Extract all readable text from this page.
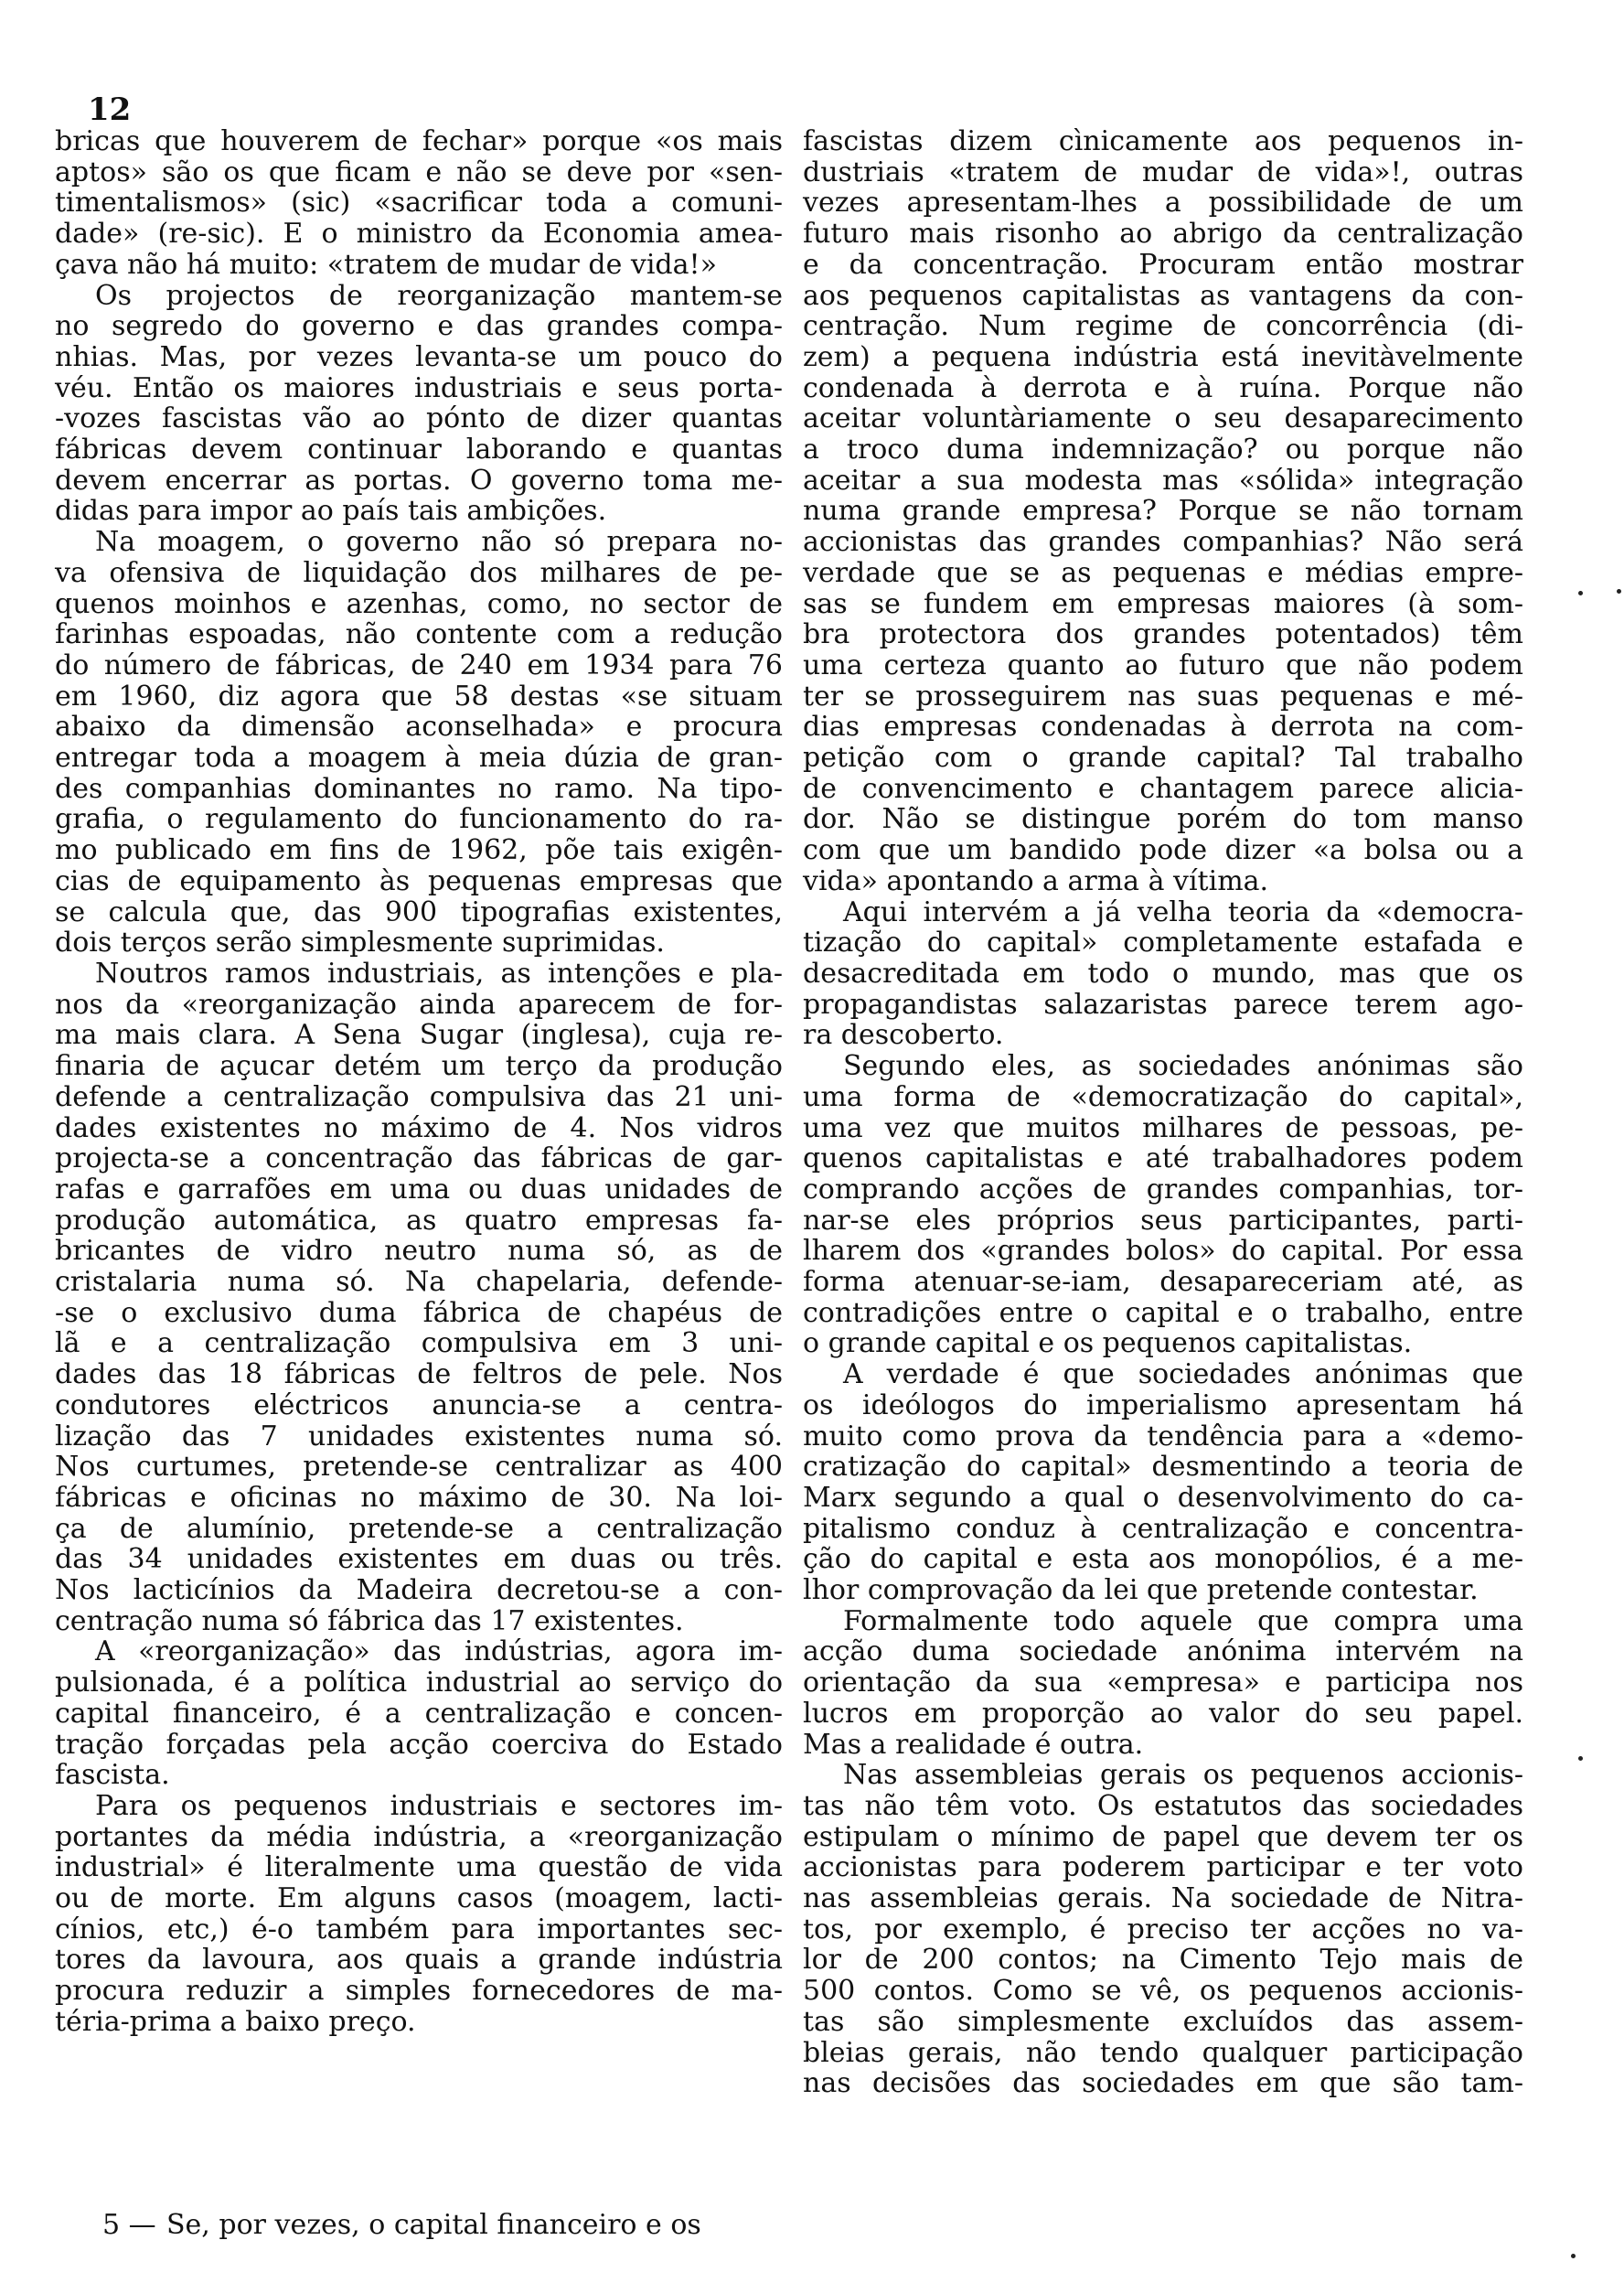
12
bricas que houverem de fechar» porque «os mais
aptos» são os que ficam e não se deve por «sen-
timentalismos» (sic) «sacrificar toda a comuni-
dade» (re-sic). E o ministro da Economia amea-
çava não há muito: «tratem de mudar de vida!»
Os projectos de reorganização mantem-se
no segredo do governo e das grandes compa-
nhias. Mas, por vezes levanta-se um pouco do
véu. Então os maiores industriais e seus porta-
-vozes fascistas vão ao pónto de dizer quantas
fábricas devem continuar laborando e quantas
devem encerrar as portas. O governo toma me-
didas para impor ao país tais ambições.
Na moagem, o governo não só prepara no-
va ofensiva de liquidação dos milhares de pe-
quenos moinhos e azenhas, como, no sector de
farinhas espoadas, não contente com a redução
do número de fábricas, de 240 em 1934 para 76
em 1960, diz agora que 58 destas «se situam
abaixo da dimensão aconselhada» e procura
entregar toda a moagem à meia dúzia de gran-
des companhias dominantes no ramo. Na tipo-
grafia, o regulamento do funcionamento do ra-
mo publicado em fins de 1962, põe tais exigên-
cias de equipamento às pequenas empresas que
se calcula que, das 900 tipografias existentes,
dois terços serão simplesmente suprimidas.
Noutros ramos industriais, as intenções e pla-
nos da «reorganização ainda aparecem de for-
ma mais clara. A Sena Sugar (inglesa), cuja re-
finaria de açucar detém um terço da produção
defende a centralização compulsiva das 21 uni-
dades existentes no máximo de 4. Nos vidros
projecta-se a concentração das fábricas de gar-
rafas e garrafões em uma ou duas unidades de
produção automática, as quatro empresas fa-
bricantes de vidro neutro numa só, as de
cristalaria numa só. Na chapelaria, defende-
-se o exclusivo duma fábrica de chapéus de
lã e a centralização compulsiva em 3 uni-
dades das 18 fábricas de feltros de pele. Nos
condutores eléctricos anuncia-se a centra-
lização das 7 unidades existentes numa só.
Nos curtumes, pretende-se centralizar as 400
fábricas e oficinas no máximo de 30. Na loi-
ça de alumínio, pretende-se a centralização
das 34 unidades existentes em duas ou três.
Nos lacticínios da Madeira decretou-se a con-
centração numa só fábrica das 17 existentes.
A «reorganização» das indústrias, agora im-
pulsionada, é a política industrial ao serviço do
capital financeiro, é a centralização e concen-
tração forçadas pela acção coerciva do Estado
fascista.
Para os pequenos industriais e sectores im-
portantes da média indústria, a «reorganização
industrial» é literalmente uma questão de vida
ou de morte. Em alguns casos (moagem, lacti-
cínios, etc,) é-o também para importantes sec-
tores da lavoura, aos quais a grande indústria
procura reduzir a simples fornecedores de ma-
téria-prima a baixo preço.
fascistas dizem cìnicamente aos pequenos in-
dustriais «tratem de mudar de vida»!, outras
vezes apresentam-lhes a possibilidade de um
futuro mais risonho ao abrigo da centralização
e da concentração. Procuram então mostrar
aos pequenos capitalistas as vantagens da con-
centração. Num regime de concorrência (di-
zem) a pequena indústria está inevitàvelmente
condenada à derrota e à ruína. Porque não
aceitar voluntàriamente o seu desaparecimento
a troco duma indemnização? ou porque não
aceitar a sua modesta mas «sólida» integração
numa grande empresa? Porque se não tornam
accionistas das grandes companhias? Não será
verdade que se as pequenas e médias empre-
sas se fundem em empresas maiores (à som-
bra protectora dos grandes potentados) têm
uma certeza quanto ao futuro que não podem
ter se prosseguirem nas suas pequenas e mé-
dias empresas condenadas à derrota na com-
petição com o grande capital? Tal trabalho
de convencimento e chantagem parece alicia-
dor. Não se distingue porém do tom manso
com que um bandido pode dizer «a bolsa ou a
vida» apontando a arma à vítima.
Aqui intervém a já velha teoria da «democra-
tização do capital» completamente estafada e
desacreditada em todo o mundo, mas que os
propagandistas salazaristas parece terem ago-
ra descoberto.
Segundo eles, as sociedades anónimas são
uma forma de «democratização do capital»,
uma vez que muitos milhares de pessoas, pe-
quenos capitalistas e até trabalhadores podem
comprando acções de grandes companhias, tor-
nar-se eles próprios seus participantes, parti-
lharem dos «grandes bolos» do capital. Por essa
forma atenuar-se-iam, desapareceriam até, as
contradições entre o capital e o trabalho, entre
o grande capital e os pequenos capitalistas.
A verdade é que sociedades anónimas que
os ideólogos do imperialismo apresentam há
muito como prova da tendência para a «demo-
cratização do capital» desmentindo a teoria de
Marx segundo a qual o desenvolvimento do ca-
pitalismo conduz à centralização e concentra-
ção do capital e esta aos monopólios, é a me-
lhor comprovação da lei que pretende contestar.
Formalmente todo aquele que compra uma
acção duma sociedade anónima intervém na
orientação da sua «empresa» e participa nos
lucros em proporção ao valor do seu papel.
Mas a realidade é outra.
Nas assembleias gerais os pequenos accionis-
tas não têm voto. Os estatutos das sociedades
estipulam o mínimo de papel que devem ter os
accionistas para poderem participar e ter voto
nas assembleias gerais. Na sociedade de Nitra-
tos, por exemplo, é preciso ter acções no va-
lor de 200 contos; na Cimento Tejo mais de
500 contos. Como se vê, os pequenos accionis-
tas são simplesmente excluídos das assem-
bleias gerais, não tendo qualquer participação
nas decisões das sociedades em que são tam-
5 — Se, por vezes, o capital financeiro e os
